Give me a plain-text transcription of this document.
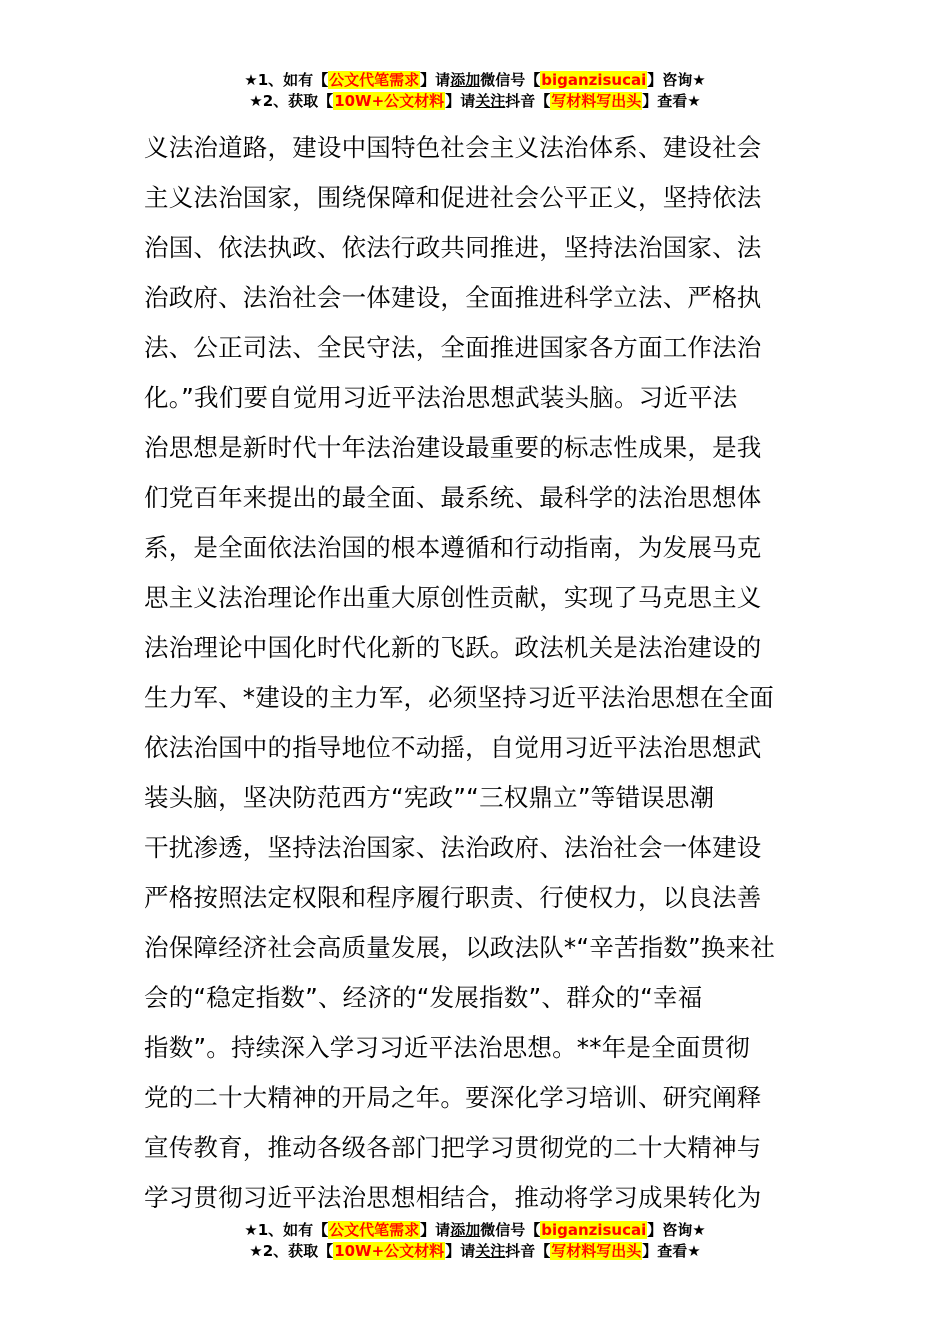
★1、如有【公文代笔需求】请添加微信号【biganzisucai】咨询★
★2、获取【10W+公文材料】请关注抖音【写材料写出头】查看★
义法治道路，建设中国特色社会主义法治体系、建设社会
主义法治国家，围绕保障和促进社会公平正义，坚持依法
治国、依法执政、依法行政共同推进，坚持法治国家、法
治政府、法治社会一体建设，全面推进科学立法、严格执
法、公正司法、全民守法，全面推进国家各方面工作法治
化。”我们要自觉用习近平法治思想武装头脑。习近平法
治思想是新时代十年法治建设最重要的标志性成果，是我
们党百年来提出的最全面、最系统、最科学的法治思想体
系，是全面依法治国的根本遵循和行动指南，为发展马克
思主义法治理论作出重大原创性贡献，实现了马克思主义
法治理论中国化时代化新的飞跃。政法机关是法治建设的
生力军、*建设的主力军，必须坚持习近平法治思想在全面
依法治国中的指导地位不动摇，自觉用习近平法治思想武
装头脑，坚决防范西方“宪政”“三权鼎立”等错误思潮
干扰渗透，坚持法治国家、法治政府、法治社会一体建设
严格按照法定权限和程序履行职责、行使权力，以良法善
治保障经济社会高质量发展，以政法队*“辛苦指数”换来社
会的“稳定指数”、经济的“发展指数”、群众的“幸福
指数”。持续深入学习习近平法治思想。**年是全面贯彻
党的二十大精神的开局之年。要深化学习培训、研究阐释
宣传教育，推动各级各部门把学习贯彻党的二十大精神与
学习贯彻习近平法治思想相结合，推动将学习成果转化为
★1、如有【公文代笔需求】请添加微信号【biganzisucai】咨询★
★2、获取【10W+公文材料】请关注抖音【写材料写出头】查看★
